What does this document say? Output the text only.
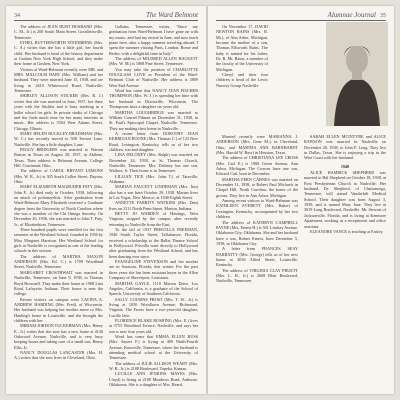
34	The Ward Belmont

The address of JEAN HURT HUSBAND (Mrs. C. M., Jr.) is 200 South Main Street, Goodlettsville, Tennessee.

ETHEL BUTTERWORTH STEINBRINK (Mrs. C. A.) writes that she has a little girl, her fourth child. Her husband is head of the history department at Goshen New York High School, and they make their home at Goshen, New York.

Visitors at Ward-Belmont recently were MR. and MRS. MALCOLM HART (Mrs. William) and her husband. They were married June 15, 1938, and are living in 2610 Whitewood Road, Nashville, Tennessee.

SHIRLEY ALLISON STICKER (Mrs. R. J.) writes that she was married in June, 1937, her three years with the Stickler and is busy teaching in a ballet school for girls. In private studio of Chicago and she finds much time for her many interests in music. Her address is 3504 West Adams Street, Chicago, Illinois.

MARY HELEN BUCKLEY BRADSHAW (Mrs. W. C.) has recently moved to 508 Terrace Lane, Nashville. She has a little daughter, Lane.

PEGGY BRIDGERS was married to Warren Burton in Texas on August 28, 1937, in Abilene, Texas. Their address is Belmont Avenue, College Hill, Cincinnati, Ohio.

The address of CAROL BRYANT LEMONS (Mrs. W. R., Jr.) is 305 South Collier Street, Dayton, Ohio.

MARY ELIZABETH MAGRUDER FATY (Mrs. John F., Jr.) died early in October, 1938, following an attack of poliomyelitis. After graduation from Ward-Belmont Mary Elizabeth received a Graduate degree from the University of North Carolina where she was a member of the Chi Omega Sorority. On December 26, 1936, she was married to John T. Faty, Jr., of Elizabethton, Tennessee.

Three hundred pupils were enrolled for the first semester at the Westland School, founded in 1936 by Miss Margaret Harrison. Her Westland School for girls in Nashville is recognized as one of the leading schools in this section.

The address of MARTHA MAXON ANDERSON (Mrs. Ed. C.) is 1709 Woodland Street, Nashville, Tennessee.

MARGARET CROSTHWAIT was married in Nashville, Tennessee, on June 9, 1938, to Thomas Boyd Brownell. They make their home at 1908 Lina Road, Lafayette, Indiana. Their house is near the college.

Recent visitors on campus were LAVINA A. ANDREW HARDING (Mrs. Fred), of Wisconsin. Her husband was helping her mother move to Mrs. Harding's home in Louisville, and she brought the children with her.

MIRIAM JORDON TUCKERMAN (Mrs. Henry E., Jr.) writes that she now has a new home at 4140 Oakwood Avenue, Nashville, and is very busy keeping house and taking care of a small son, Henry Ellis, Jr.

NANCY DOUGLAS LANCASTER (Mrs. H. A.) writes that she now lives in Cleveland, Ohio.

Gallatin, Tennessee, writes, "Since my graduation from Ward-Belmont I have gone on with my music, and had my recital in June, and now teach piano here, after a happy summer traveling abroad. I spent the summer visiting Paris, London, Rome and Berlin, with a delightful time in Italy."

The address of MILDRED ALLEN HACKETT (Mrs. W. M.) is 1808 Pine Street, Tennessee.

You may take the position of CHARLOTTE DOUGLASS LOVE as President of the Ward-Belmont Club of Nashville. Her address is 3809 West End Avenue.

Word has come that NANCY JEAN FISCHER THOMPSON (Mrs. W. J.) is spending her time with her husband in Dixonville, Wisconsin. The Thompsons have a daughter six years old.

MARTHA LOUGHRIDGE was married to William Conrad Pilman on December 31, 1938, in St. Paul's Episcopal Chapel, Nashville, Tennessee. They are making their home in Nashville.

A recent letter from DOROTHY JEAN KERRIGAN BOONE (Mrs. Thomas C.) of 123 New Road, Lexington, Kentucky, tells us of her two children, son and daughter.

LINA DELONEY (Mrs. Ralph) was married on November 24, 1938, at St. Thomas Church, Nashville, Tennessee. Mrs. Deloney has one son, Wallace, Jr. Their home is in Tennessee.

LILLIAN TICE (Mrs. John T.) of Taraville, Alabama.

MARIAN FAUCETT LINDEMAN (Mrs. Jim) also has a son born October 29, 1938. Marian lives in Los Vegas, New Mexico, at 1040 Eighth Street.

ANNETTE FARRITY WATKINS (Mrs. Dan) lives on 2111 North Penn Street, Marion, Indiana.

BETTY JO WARDEN of Hastings, West Virginia, stopped by the campus after recently returning to Nashville from the East.

To the fall of 1937 PRISCILLA FREEMAN, 1940 South Taylor Street, Tallahassee, Florida, received a scholarship to the Ballet Theatre School in Hollywood. Priscilla went directly to Hollywood after graduating from the Westland School, and has been dancing ever since.

EVANGELINE STEVENSON and her mother are in Sarasota, Florida, this winter. For the past three years she has been assistant buyer in the Allen Company of Shreveport, Louisiana.

MARTHA GAYLE, 1110 Marion Drive, Los Angeles, California, is a graduate of the School of Speech, University of Southern California.

SALLY COUSINS FROST (Mrs. T. W., Jr.) is living at 1050 Woodlawn Avenue, Richmond, Virginia. The Frosts have a two-year-old daughter, Lucille Jane.

FLORENCE BLAKE RUSHING (Mrs. E.) lives at 3753 Woodland Terrace, Nashville, and says her son is now four years old.

Word has come that EMMA ELLEN RUSS (Mrs. Sayers F.) is living at 409 Ninth-Fourth Avenue, Knoxville, Tennessee, where her husband is attending medical school at the University of Tennessee.

The address of JULIE ALLISON WEARY (Mrs. W. R., Jr.) is 2108 Boulevard, Topeka, Kansas.

LUCILLE ANN JENKINS MAYES (Mrs. Lloyd) is living at 2108 Meadows Road, Ardmore, Oklahoma. She is a daughter of Mrs. Heard.

Alumnae Journal 35

On November 17, DAVID NEWTON RAINS (Mrs. R. Mr.), of Ann Arbor, Michigan, became the mother of a son, Thomas Ellsworth Rains. The baby is named for his father, Dr. R. Mr. Rains, a member of the faculty of the University of Michigan.

Cheryl and their four children is head of the Lewis Nursery Group Nashville.

Married recently were MARIANNA J. ANDERSON (Mrs. Gene M.), in Cleveland, Ohio, and MARTHA ANN BARNHARDT (Mrs. Harold W. Bass) in Houston, Texas.

The address of CHRISTIANA LEE CROSS (Mrs. Carl E.) is 1900 Green Avenue, Ann Arbor, Michigan. The Crosses have one son, Edward Carl, born in December.

MARTHA FERN CARNES was married on December 11, 1938, to Robert Paul Michaels in Chapel Hill, North Carolina, the home of the groom. They live in Ann Arbor, Michigan.

Among recent visitors to Ward-Belmont was KATHLEEN EVERETT (Mrs. Baker) of Lexington, Kentucky, accompanied by her two children.

The address of KATHRYN CAMPBELL PAYNE (Mrs. Ernest H.) is 501 Lindsay Avenue, Oklahoma City, Oklahoma. She and her husband have a son, Robert Ernest, born December 5, 1938, in Oklahoma City.

A letter from FRANCES SEAY BARBATTY (Mrs. George) tells us of her new home at 2036 Allied Street, Louisville, Kentucky.

The address of VIRGINIA CLAY PRUETT (Mrs. L. H., Jr.) is 2608 Blair Boulevard, Nashville, Tennessee.

SARAH ELLEN MCINTYRE and ALICE RAWSON was married in Nashville on December 28, 1938, to John P. Long. They live in Dallas, Texas. She is enjoying a trip to the West Coast with her husband.

1940

ALICE HAMRICK SHEPHERD was married to Hal Shepherd on October 18, 1938, at First Presbyterian Church in Nashville. Her husband, Dr. Shepherd, of Chattanooga, Tennessee, will attend Vanderbilt Medical School. Their daughter was born August 3, 1939, and is named Mary Jane. They live at 3019 Long Boulevard, Nashville. Mr. Stewart of Jacksonville, Florida, and is living at Kenmore Apartment, working as a receptionist and office assistant.

ELEANORE VANCE is teaching at Ensley.
